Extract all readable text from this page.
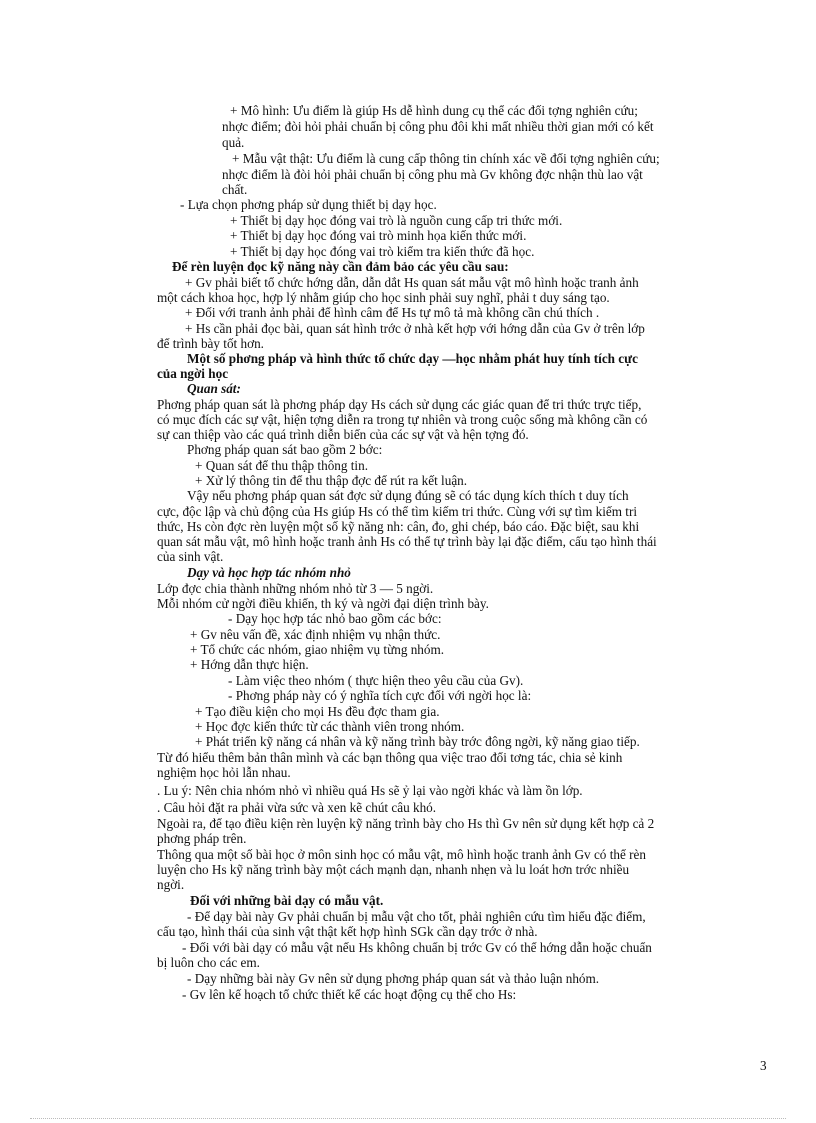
+ Mô hình: Ưu điểm là giúp Hs dễ hình dung cụ thể các đối tợng nghiên cứu;
nhợc điểm; đòi hỏi phải chuẩn bị công phu đôi khi mất nhiều thời gian mới có kết
quả.
+ Mẫu vật thật: Ưu điểm là cung cấp thông tin chính xác về đối tợng nghiên cứu;
nhợc điểm là đòi hỏi phải chuẩn bị công phu mà Gv không đợc nhận thù lao vật
chất.
- Lựa chọn phơng pháp sử dụng thiết bị dạy học.
+ Thiết bị dạy học đóng vai trò là nguồn cung cấp tri thức mới.
+ Thiết bị dạy học đóng vai trò minh họa kiến thức mới.
+ Thiết bị dạy học đóng vai trò kiểm tra kiến thức đã học.
Để rèn luyện đọc kỹ năng này cần đảm bảo các yêu cầu sau:
+ Gv phải biết tổ chức hớng dẫn, dẫn dắt Hs quan sát mẫu vật mô hình hoặc tranh ảnh
một cách khoa học, hợp lý nhằm giúp cho học sinh phải suy nghĩ, phải t duy sáng tạo.
+ Đối với tranh ảnh phải để hình câm để Hs tự mô tả mà không cần chú thích .
+ Hs cần phải đọc bài, quan sát hình trớc ở nhà kết hợp với hớng dẫn của Gv ở trên lớp
để trình bày tốt hơn.
Một số phơng pháp và hình thức tổ chức dạy —học nhằm phát huy tính tích cực
của ngời học
Quan sát:
Phơng pháp quan sát là phơng pháp dạy Hs cách sử dụng các giác quan để tri thức trực tiếp,
có mục đích các sự vật, hiện tợng diễn ra trong tự nhiên và trong cuộc sống mà không cần có
sự can thiệp vào các quá trình diễn biến của các sự vật và hện tợng đó.
Phơng pháp quan sát bao gồm 2 bớc:
+ Quan sát để thu thập thông tin.
+ Xử lý thông tin để thu thập đợc để rút ra kết luận.
Vậy nếu phơng pháp quan sát đợc sử dụng đúng sẽ có tác dụng kích thích t duy tích
cực, độc lập và chủ động của Hs giúp Hs có thể tìm kiếm tri thức. Cùng với sự tìm kiếm tri
thức, Hs còn đợc rèn luyện một số kỹ năng nh: cân, đo, ghi chép, báo cáo. Đặc biệt, sau khi
quan sát mẫu vật, mô hình hoặc tranh ảnh Hs có thể tự trình bày lại đặc điểm, cấu tạo hình thái
của sinh vật.
Dạy và học hợp tác nhóm nhỏ
Lớp đợc chia thành những nhóm nhỏ từ 3 — 5 ngời.
Mỗi nhóm cử ngời điều khiển, th ký và ngời đại diện trình bày.
- Dạy học hợp tác nhỏ bao gồm các bớc:
+ Gv nêu vấn đề, xác định nhiệm vụ nhận thức.
+ Tổ chức các nhóm, giao nhiệm vụ từng nhóm.
+ Hớng dẫn thực hiện.
- Làm việc theo nhóm ( thực hiện theo yêu cầu của Gv).
- Phơng pháp này có ý nghĩa tích cực đối với ngời học là:
+ Tạo điều kiện cho mọi Hs đều đợc tham gia.
+ Học đợc kiến thức từ các thành viên trong nhóm.
+ Phát triển kỹ năng cá nhân và kỹ năng trình bày trớc đông ngời, kỹ năng giao tiếp.
Từ đó hiểu thêm bản thân mình và các bạn thông qua việc trao đổi tơng tác, chia sẻ kinh
nghiệm học hỏi lẫn nhau.
. Lu ý: Nên chia nhóm nhỏ vì nhiều quá Hs sẽ ỷ lại vào ngời khác và làm ồn lớp.
. Câu hỏi đặt ra phải vừa sức và xen kẽ chút câu khó.
Ngoài ra, để tạo điều kiện rèn luyện kỹ năng trình bày cho Hs thì Gv nên sử dụng kết hợp cả 2
phơng pháp trên.
Thông qua một số bài học ở môn sinh học có mẫu vật, mô hình hoặc tranh ảnh Gv có thể rèn
luyện cho Hs kỹ năng trình bày một cách mạnh dạn, nhanh nhẹn và lu loát hơn trớc nhiều
ngời.
Đối với những bài dạy có mẫu vật.
- Để dạy bài này Gv phải chuẩn bị mẫu vật cho tốt, phải nghiên cứu tìm hiểu đặc điểm,
cấu tạo, hình thái của sinh vật thật kết hợp hình SGk cần dạy trớc ở nhà.
- Đối với bài dạy có mẫu vật nếu Hs không chuẩn bị trớc Gv có thể hớng dẫn hoặc chuẩn
bị luôn cho các em.
- Dạy những bài này Gv nên sử dụng phơng pháp quan sát và thảo luận nhóm.
- Gv lên kế hoạch tổ chức thiết kế các hoạt động cụ thể cho Hs:
3
